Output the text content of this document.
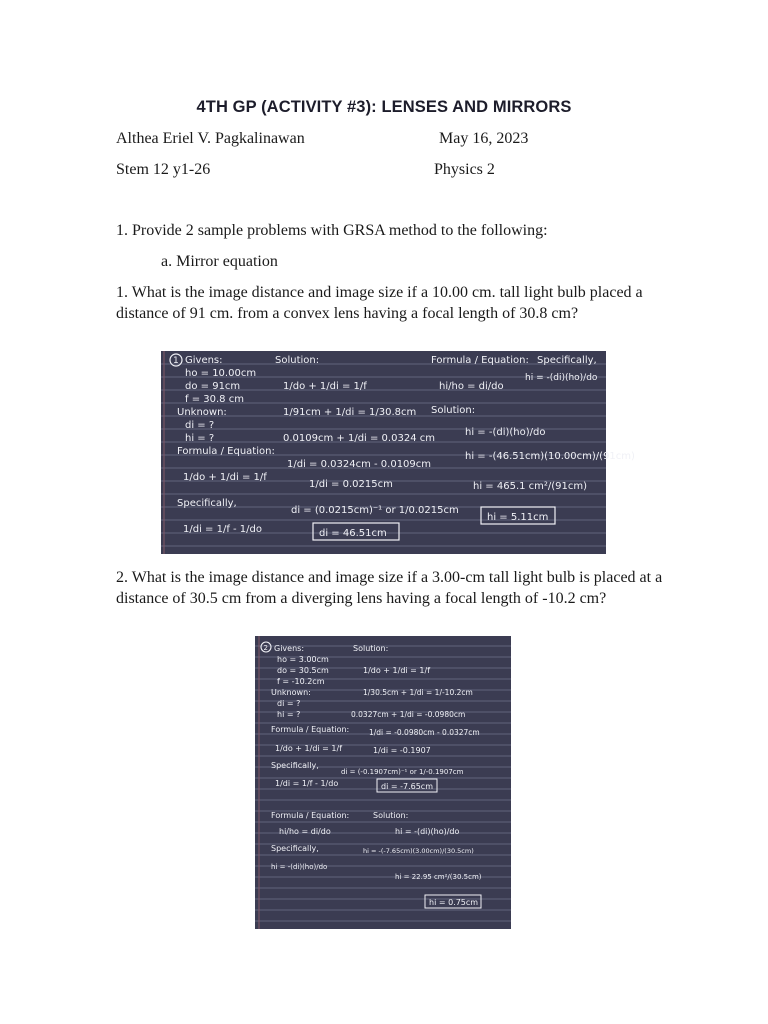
4TH GP (ACTIVITY #3): LENSES AND MIRRORS
Althea Eriel V. Pagkalinawan	May 16, 2023
Stem 12 y1-26	Physics 2
1. Provide 2 sample problems with GRSA method to the following:
a. Mirror equation
1. What is the image distance and image size if a 10.00 cm. tall light bulb placed a distance of 91 cm. from a convex lens having a focal length of 30.8 cm?
1 Givens:
ho = 10.00cm
do = 91cm
f = 30.8 cm
Unknown:
di = ?
hi = ?
Formula / Equation:
1/do + 1/di = 1/f
Specifically,
1/di = 1/f - 1/do
Solution:
1/do + 1/di = 1/f
1/91cm + 1/di = 1/30.8cm
0.0109cm + 1/di = 0.0324 cm
1/di = 0.0324cm - 0.0109cm
1/di = 0.0215cm
di = (0.0215cm)⁻¹ or 1/0.0215cm
di = 46.51cm
Formula / Equation:
hi/ho = di/do
Solution:
hi = -(di)(ho)/do
hi = -(46.51cm)(10.00cm)/(91cm)
hi = 465.1 cm²/(91cm)
hi = 5.11cm
Specifically,
hi = -(di)(ho)/do
2. What is the image distance and image size if a 3.00-cm tall light bulb is placed at a distance of 30.5 cm from a diverging lens having a focal length of -10.2 cm?
2 Givens:
ho = 3.00cm
do = 30.5cm
f = -10.2cm
Unknown:
di = ?
hi = ?
Formula / Equation:
1/do + 1/di = 1/f
Specifically,
1/di = 1/f - 1/do
Solution:
1/do + 1/di = 1/f
1/30.5cm + 1/di = 1/-10.2cm
0.0327cm + 1/di = -0.0980cm
1/di = -0.0980cm - 0.0327cm
1/di = -0.1907
di = (-0.1907cm)⁻¹ or 1/-0.1907cm
di = -7.65cm
Formula / Equation:
hi/ho = di/do
Specifically,
hi = -(di)(ho)/do
Solution:
hi = -(di)(ho)/do
hi = -(-7.65cm)(3.00cm)/(30.5cm)
hi = 22.95 cm²/(30.5cm)
hi = 0.75cm
